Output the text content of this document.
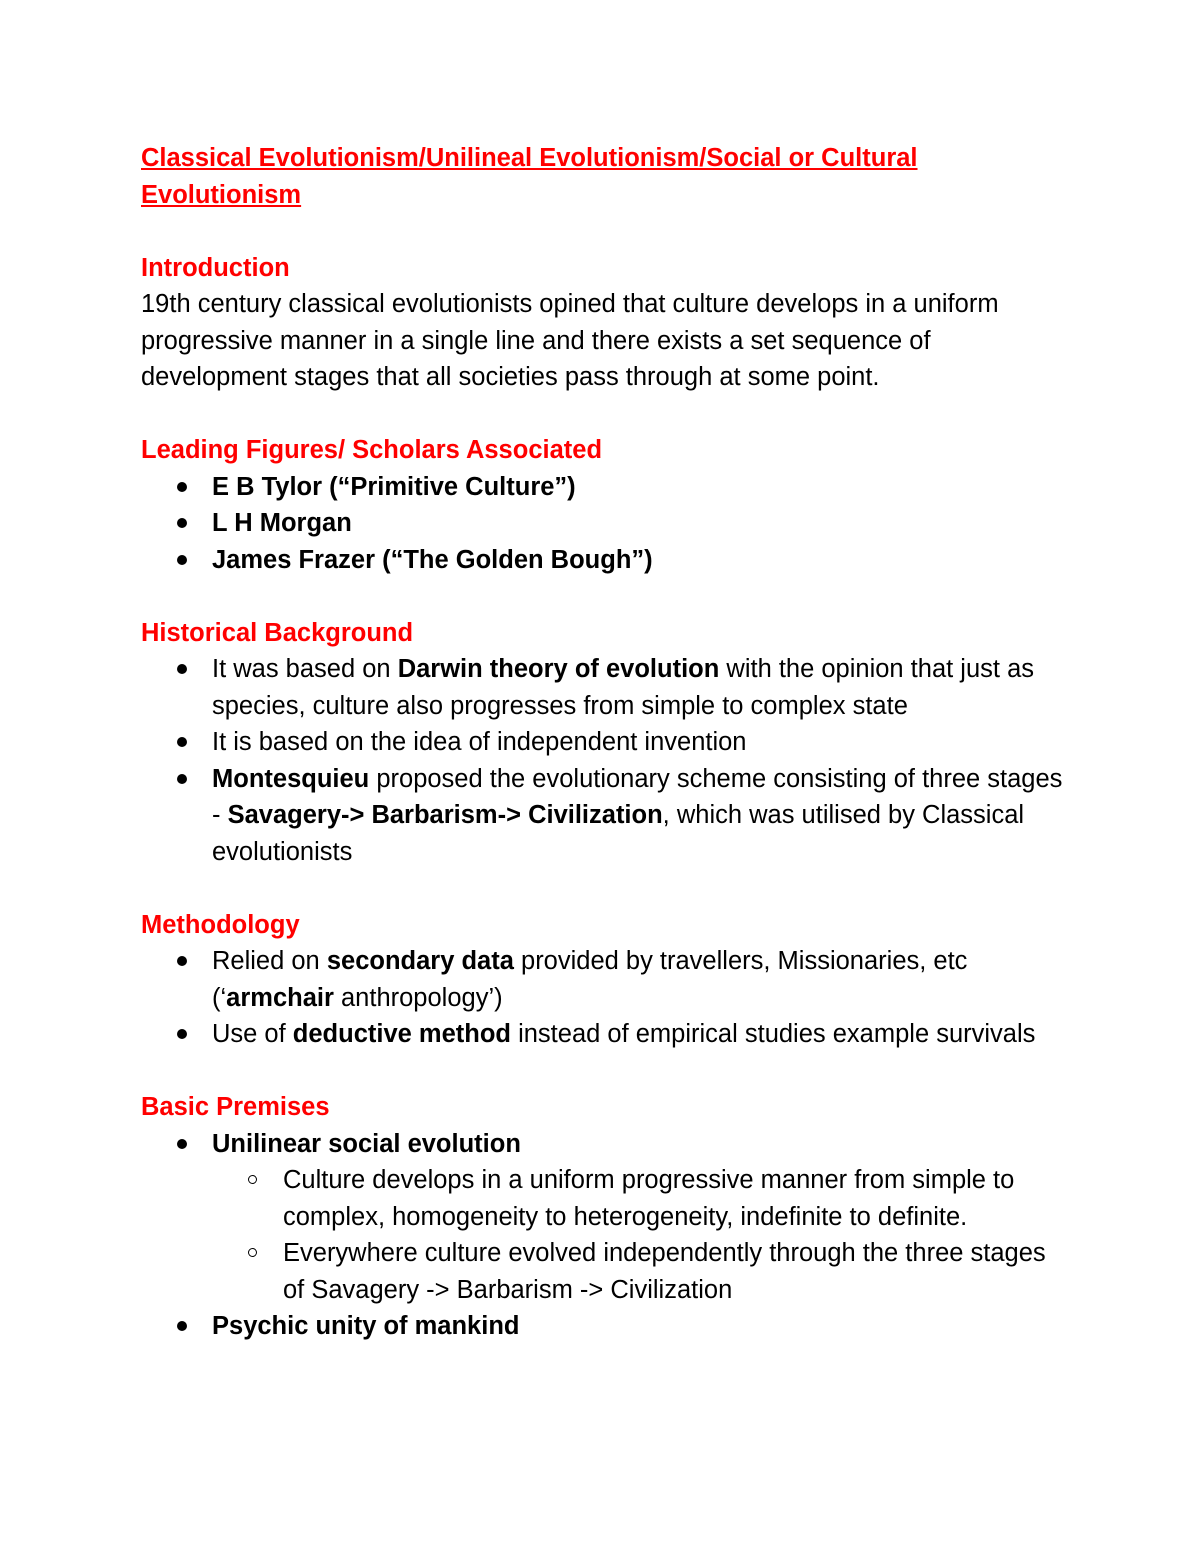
Classical Evolutionism/Unilineal Evolutionism/Social or Cultural Evolutionism

Introduction

19th century classical evolutionists opined that culture develops in a uniform progressive manner in a single line and there exists a set sequence of development stages that all societies pass through at some point.

Leading Figures/ Scholars Associated

E B Tylor (“Primitive Culture”)
L H Morgan
James Frazer (“The Golden Bough”)

Historical Background

It was based on Darwin theory of evolution with the opinion that just as species, culture also progresses from simple to complex state
It is based on the idea of independent invention
Montesquieu proposed the evolutionary scheme consisting of three stages - Savagery-> Barbarism-> Civilization, which was utilised by Classical evolutionists

Methodology

Relied on secondary data provided by travellers, Missionaries, etc (‘armchair anthropology’)
Use of deductive method instead of empirical studies example survivals

Basic Premises

Unilinear social evolution
Culture develops in a uniform progressive manner from simple to complex, homogeneity to heterogeneity, indefinite to definite.
Everywhere culture evolved independently through the three stages of Savagery -> Barbarism -> Civilization
Psychic unity of mankind
